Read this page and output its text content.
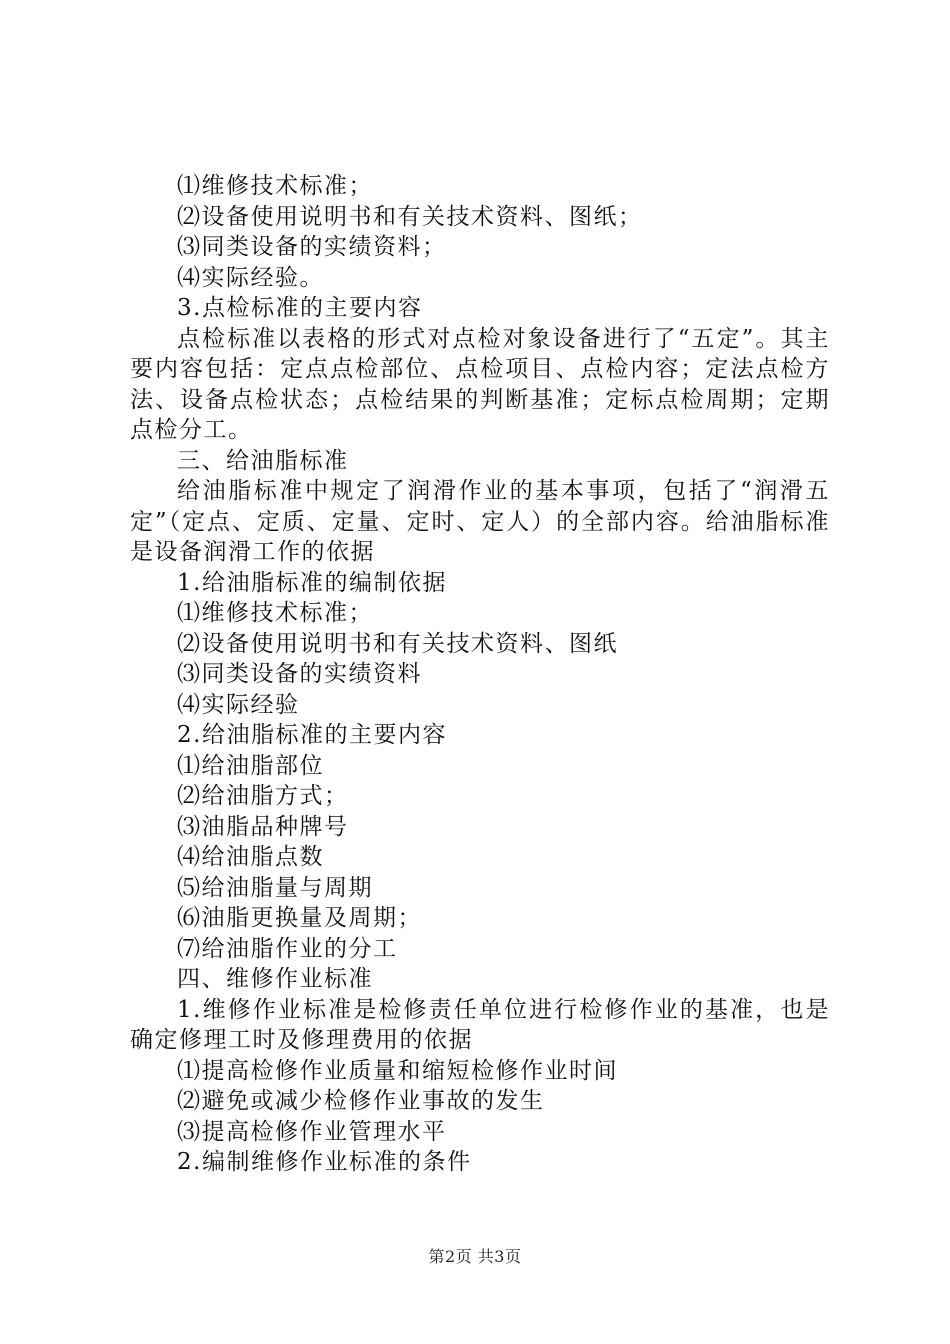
⑴维修技术标准；
⑵设备使用说明书和有关技术资料、图纸；
⑶同类设备的实绩资料；
⑷实际经验。
3.点检标准的主要内容
点检标准以表格的形式对点检对象设备进行了“五定”。其主要内容包括：定点点检部位、点检项目、点检内容；定法点检方法、设备点检状态；点检结果的判断基准；定标点检周期；定期点检分工。
三、给油脂标准
给油脂标准中规定了润滑作业的基本事项，包括了“润滑五定”（定点、定质、定量、定时、定人）的全部内容。给油脂标准是设备润滑工作的依据
1.给油脂标准的编制依据
⑴维修技术标准；
⑵设备使用说明书和有关技术资料、图纸
⑶同类设备的实绩资料
⑷实际经验
2.给油脂标准的主要内容
⑴给油脂部位
⑵给油脂方式；
⑶油脂品种牌号
⑷给油脂点数
⑸给油脂量与周期
⑹油脂更换量及周期；
⑺给油脂作业的分工
四、维修作业标准
1.维修作业标准是检修责任单位进行检修作业的基准，也是确定修理工时及修理费用的依据
⑴提高检修作业质量和缩短检修作业时间
⑵避免或减少检修作业事故的发生
⑶提高检修作业管理水平
2.编制维修作业标准的条件
第2页 共3页
